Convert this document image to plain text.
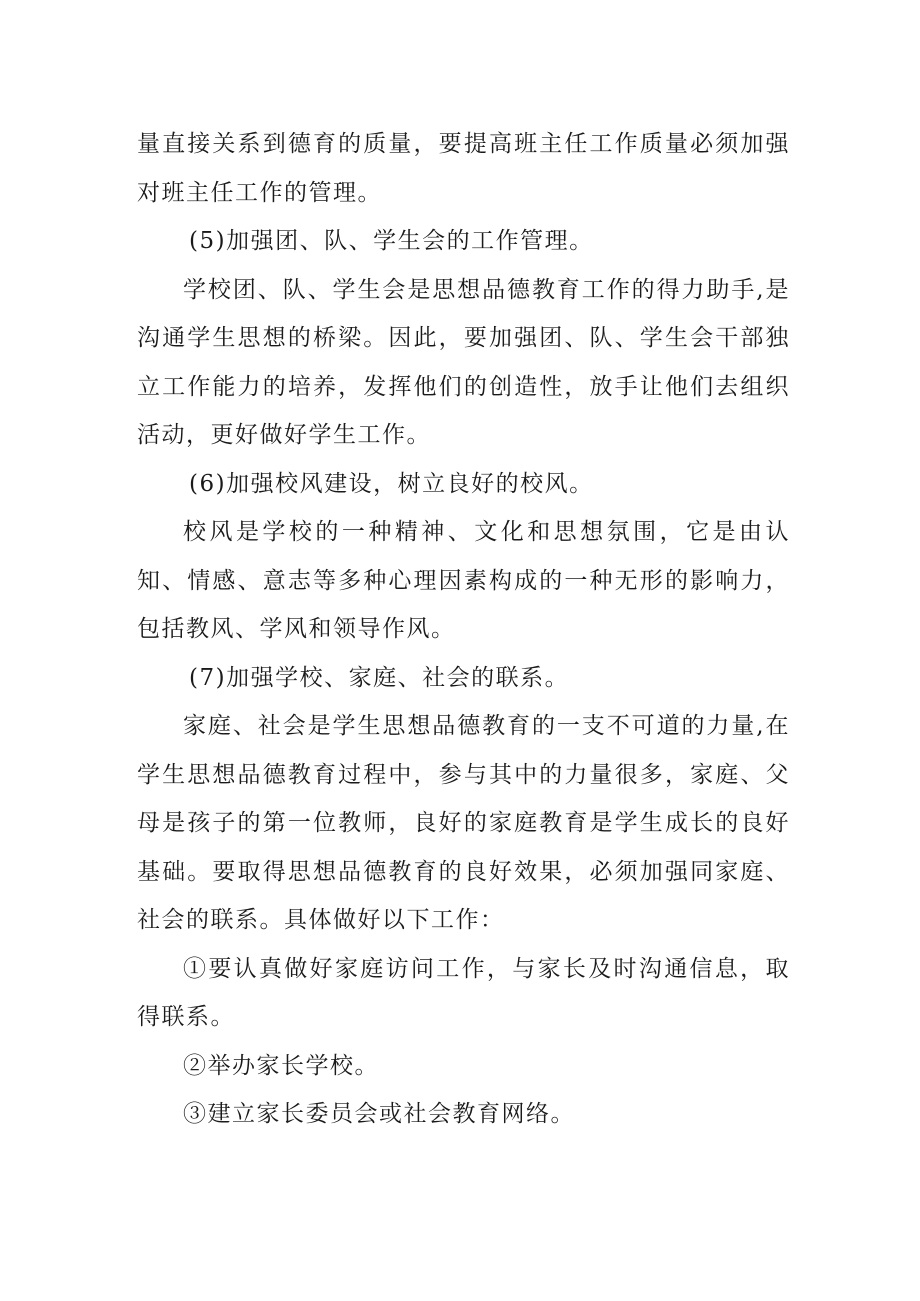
量直接关系到德育的质量，要提高班主任工作质量必须加强对班主任工作的管理。

(5)加强团、队、学生会的工作管理。

学校团、队、学生会是思想品德教育工作的得力助手,是沟通学生思想的桥梁。因此，要加强团、队、学生会干部独立工作能力的培养，发挥他们的创造性，放手让他们去组织活动，更好做好学生工作。

(6)加强校风建设，树立良好的校风。

校风是学校的一种精神、文化和思想氛围，它是由认知、情感、意志等多种心理因素构成的一种无形的影响力，包括教风、学风和领导作风。

(7)加强学校、家庭、社会的联系。

家庭、社会是学生思想品德教育的一支不可道的力量,在学生思想品德教育过程中，参与其中的力量很多，家庭、父母是孩子的第一位教师，良好的家庭教育是学生成长的良好基础。要取得思想品德教育的良好效果，必须加强同家庭、社会的联系。具体做好以下工作：

①要认真做好家庭访问工作，与家长及时沟通信息，取得联系。

②举办家长学校。

③建立家长委员会或社会教育网络。
